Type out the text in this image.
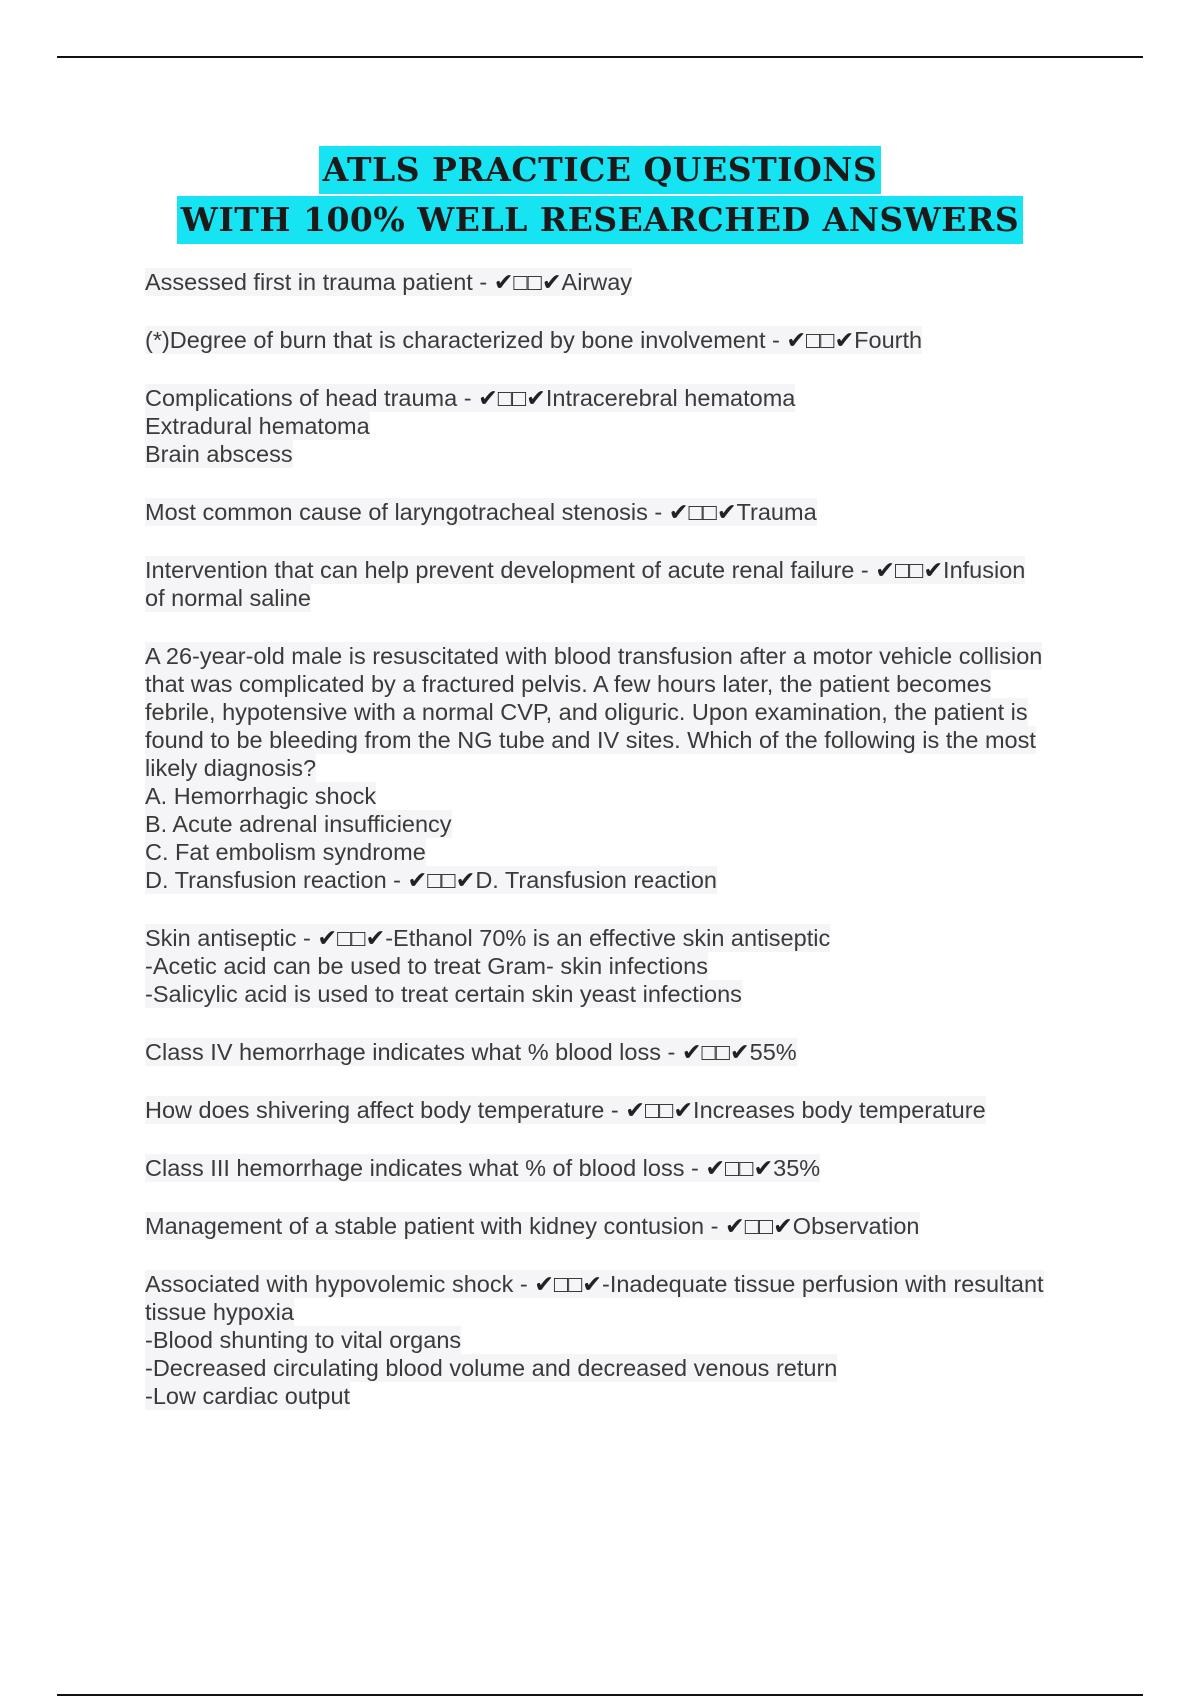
ATLS PRACTICE QUESTIONS
WITH 100% WELL RESEARCHED ANSWERS
Assessed first in trauma patient - ✔□□✔Airway
(*)Degree of burn that is characterized by bone involvement - ✔□□✔Fourth
Complications of head trauma - ✔□□✔Intracerebral hematoma
Extradural hematoma
Brain abscess
Most common cause of laryngotracheal stenosis - ✔□□✔Trauma
Intervention that can help prevent development of acute renal failure - ✔□□✔Infusion
of normal saline
A 26-year-old male is resuscitated with blood transfusion after a motor vehicle collision
that was complicated by a fractured pelvis. A few hours later, the patient becomes
febrile, hypotensive with a normal CVP, and oliguric. Upon examination, the patient is
found to be bleeding from the NG tube and IV sites. Which of the following is the most
likely diagnosis?
A. Hemorrhagic shock
B. Acute adrenal insufficiency
C. Fat embolism syndrome
D. Transfusion reaction - ✔□□✔D. Transfusion reaction
Skin antiseptic - ✔□□✔-Ethanol 70% is an effective skin antiseptic
-Acetic acid can be used to treat Gram- skin infections
-Salicylic acid is used to treat certain skin yeast infections
Class IV hemorrhage indicates what % blood loss - ✔□□✔55%
How does shivering affect body temperature - ✔□□✔Increases body temperature
Class III hemorrhage indicates what % of blood loss - ✔□□✔35%
Management of a stable patient with kidney contusion - ✔□□✔Observation
Associated with hypovolemic shock - ✔□□✔-Inadequate tissue perfusion with resultant
tissue hypoxia
-Blood shunting to vital organs
-Decreased circulating blood volume and decreased venous return
-Low cardiac output
